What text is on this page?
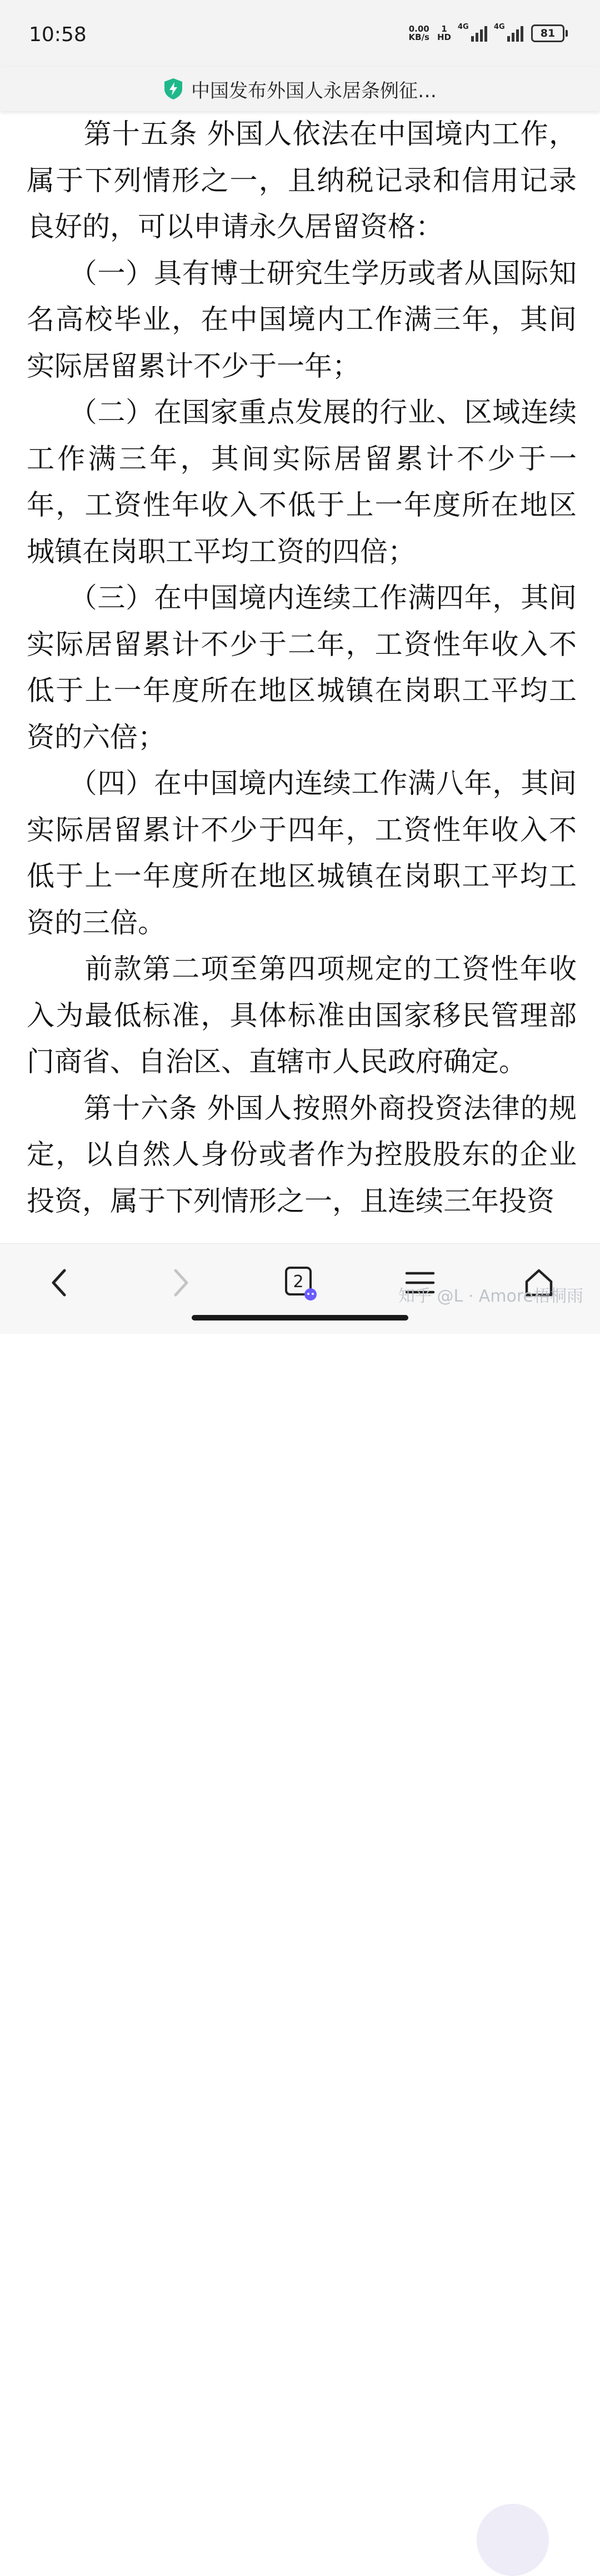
10:58	0.00
KB/s
1
HD
4G	4G
81
中国发布外国人永居条例征…

　　第十五条 外国人依法在中国境内工作，属于下列情形之一，且纳税记录和信用记录良好的，可以申请永久居留资格：

　　（一）具有博士研究生学历或者从国际知名高校毕业，在中国境内工作满三年，其间实际居留累计不少于一年；

　　（二）在国家重点发展的行业、区域连续工作满三年，其间实际居留累计不少于一年，工资性年收入不低于上一年度所在地区城镇在岗职工平均工资的四倍；

　　（三）在中国境内连续工作满四年，其间实际居留累计不少于二年，工资性年收入不低于上一年度所在地区城镇在岗职工平均工资的六倍；

　　（四）在中国境内连续工作满八年，其间实际居留累计不少于四年，工资性年收入不低于上一年度所在地区城镇在岗职工平均工资的三倍。

　　前款第二项至第四项规定的工资性年收入为最低标准，具体标准由国家移民管理部门商省、自治区、直辖市人民政府确定。

　　第十六条 外国人按照外商投资法律的规定，以自然人身份或者作为控股股东的企业投资，属于下列情形之一，且连续三年投资

2
知乎 @L · Amore梧桐雨
